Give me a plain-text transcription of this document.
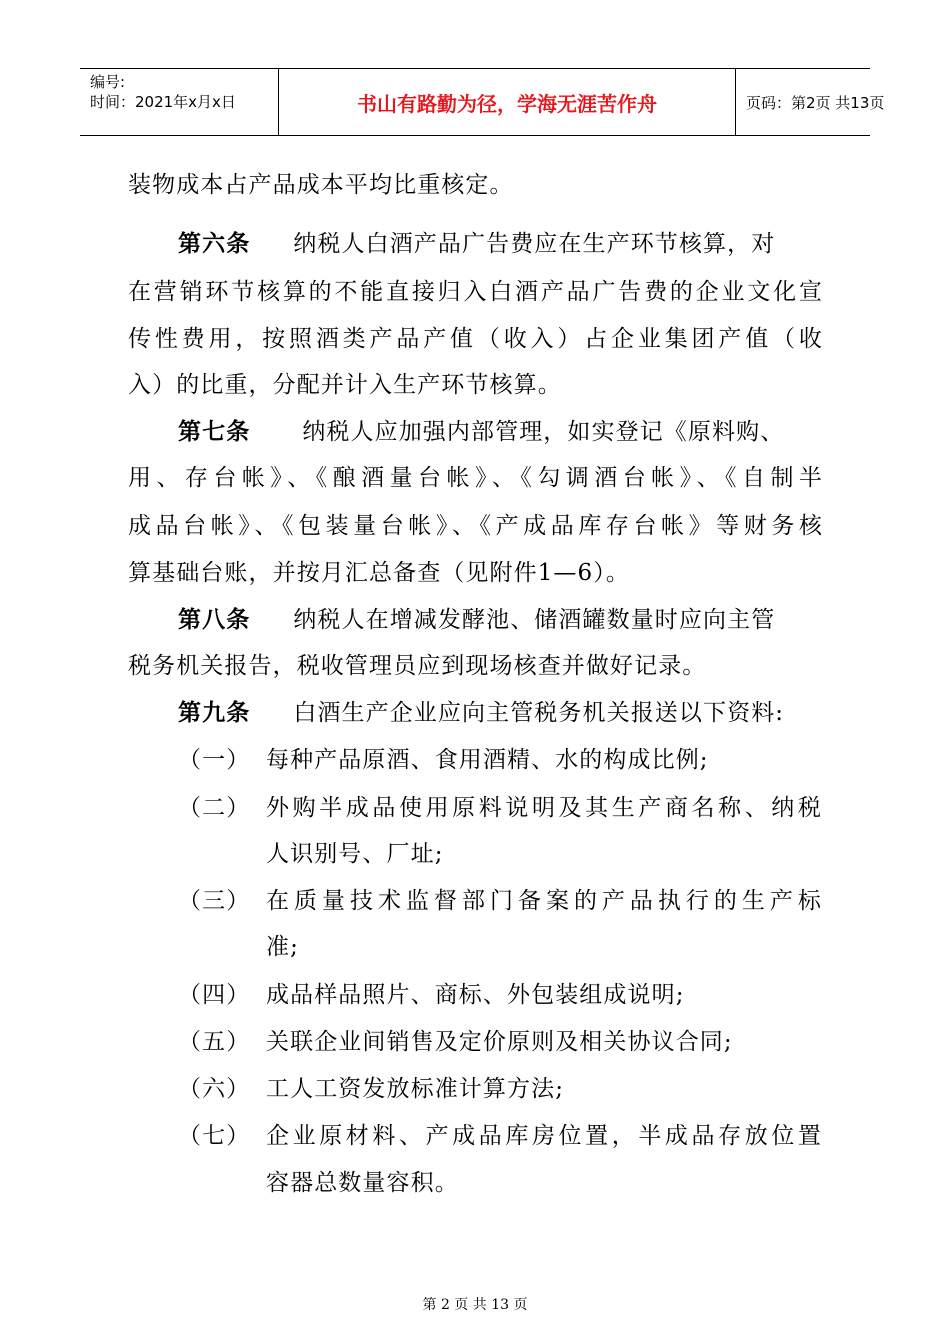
编号:
时间：2021年x月x日	书山有路勤为径，学海无涯苦作舟	页码：第2页 共13页
装物成本占产品成本平均比重核定。
第六条 纳税人白酒产品广告费应在生产环节核算，对
在营销环节核算的不能直接归入白酒产品广告费的企业文化宣
传性费用，按照酒类产品产值（收入）占企业集团产值（收
入）的比重，分配并计入生产环节核算。
第七条 纳税人应加强内部管理，如实登记《原料购、
用、存台帐》、《酿酒量台帐》、《勾调酒台帐》、《自制半
成品台帐》、《包装量台帐》、《产成品库存台帐》等财务核
算基础台账，并按月汇总备查（见附件1—6）。
第八条 纳税人在增减发酵池、储酒罐数量时应向主管
税务机关报告，税收管理员应到现场核查并做好记录。
第九条 白酒生产企业应向主管税务机关报送以下资料:
（一） 每种产品原酒、食用酒精、水的构成比例;
（二） 外购半成品使用原料说明及其生产商名称、纳税
人识别号、厂址;
（三） 在质量技术监督部门备案的产品执行的生产标
准;
（四） 成品样品照片、商标、外包装组成说明;
（五） 关联企业间销售及定价原则及相关协议合同;
（六） 工人工资发放标准计算方法;
（七） 企业原材料、产成品库房位置，半成品存放位置
容器总数量容积。
第 2 页 共 13 页
